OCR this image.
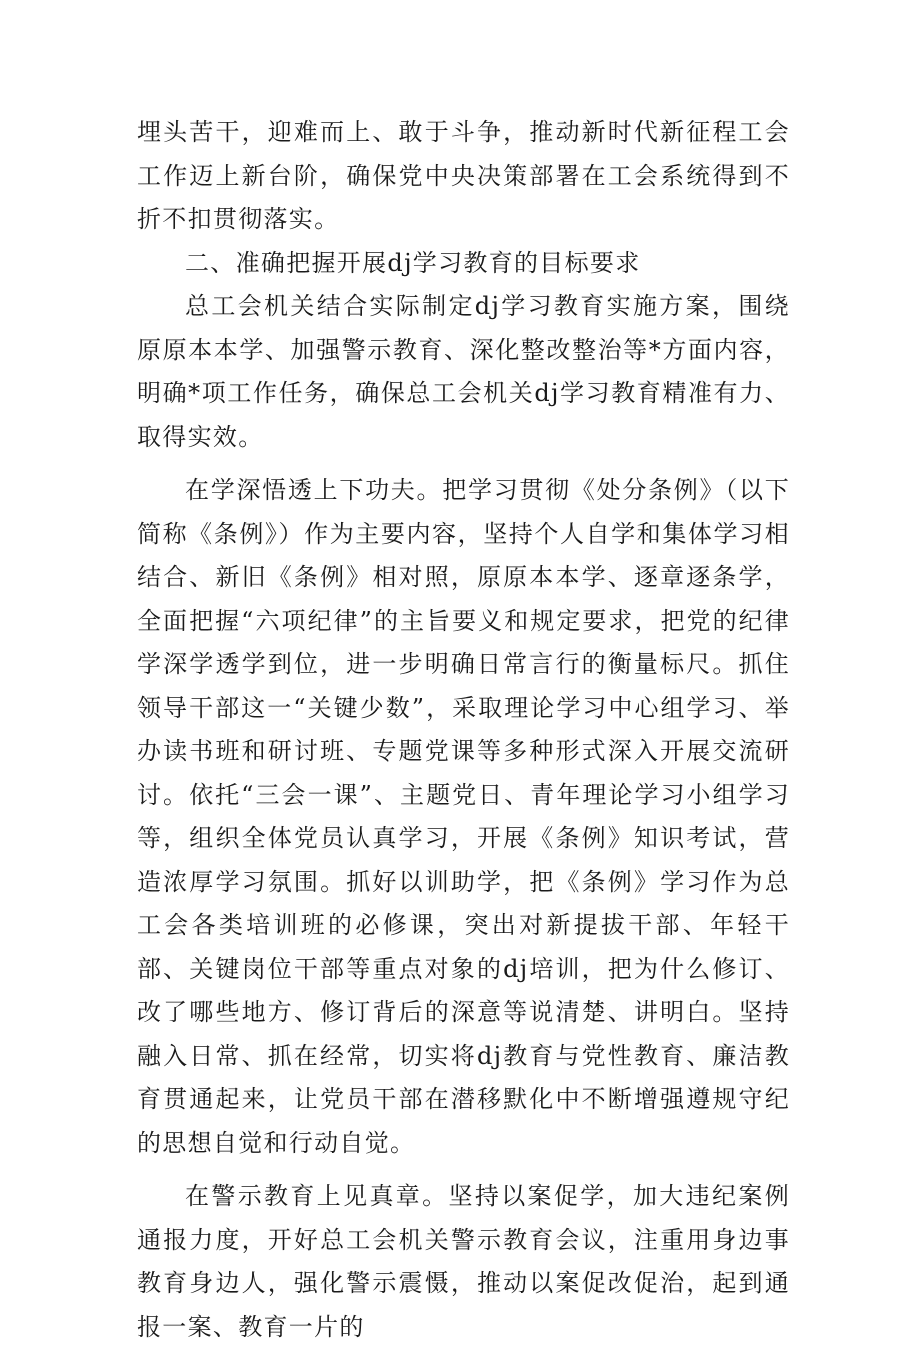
埋头苦干，迎难而上、敢于斗争，推动新时代新征程工会工作迈上新台阶，确保党中央决策部署在工会系统得到不折不扣贯彻落实。

二、准确把握开展dj学习教育的目标要求

总工会机关结合实际制定dj学习教育实施方案，围绕原原本本学、加强警示教育、深化整改整治等*方面内容，明确*项工作任务，确保总工会机关dj学习教育精准有力、取得实效。

在学深悟透上下功夫。把学习贯彻《处分条例》（以下简称《条例》）作为主要内容，坚持个人自学和集体学习相结合、新旧《条例》相对照，原原本本学、逐章逐条学，全面把握“六项纪律”的主旨要义和规定要求，把党的纪律学深学透学到位，进一步明确日常言行的衡量标尺。抓住领导干部这一“关键少数”，采取理论学习中心组学习、举办读书班和研讨班、专题党课等多种形式深入开展交流研讨。依托“三会一课”、主题党日、青年理论学习小组学习等，组织全体党员认真学习，开展《条例》知识考试，营造浓厚学习氛围。抓好以训助学，把《条例》学习作为总工会各类培训班的必修课，突出对新提拔干部、年轻干部、关键岗位干部等重点对象的dj培训，把为什么修订、改了哪些地方、修订背后的深意等说清楚、讲明白。坚持融入日常、抓在经常，切实将dj教育与党性教育、廉洁教育贯通起来，让党员干部在潜移默化中不断增强遵规守纪的思想自觉和行动自觉。

在警示教育上见真章。坚持以案促学，加大违纪案例通报力度，开好总工会机关警示教育会议，注重用身边事教育身边人，强化警示震慑，推动以案促改促治，起到通报一案、教育一片的
